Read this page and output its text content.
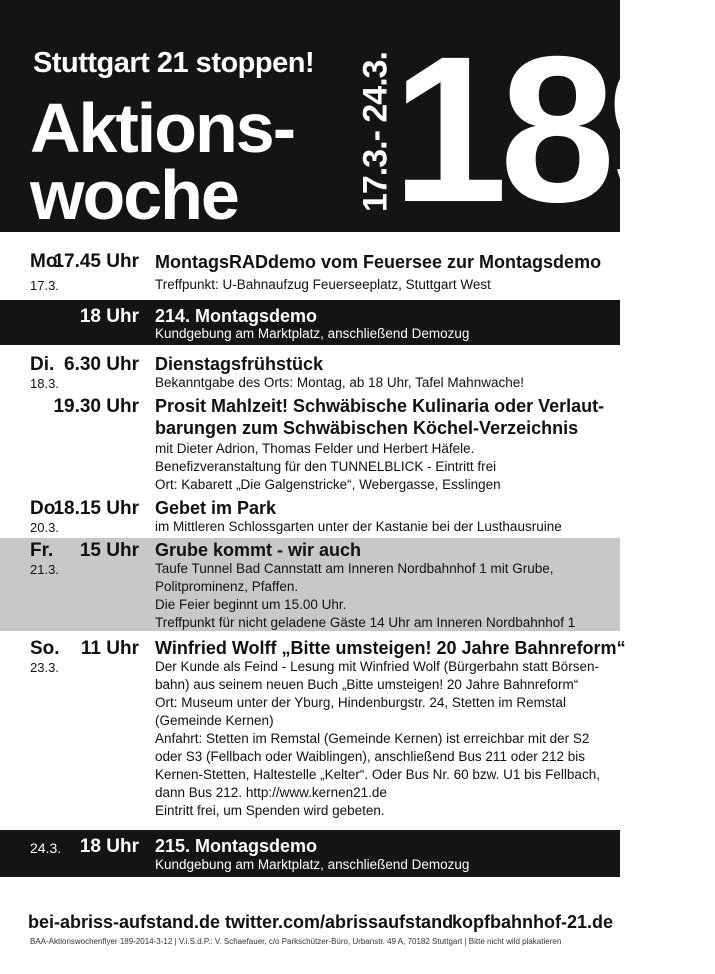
Stuttgart 21 stoppen!
Aktions-
woche	17.3.- 24.3.
189
Mo.
17.45 Uhr
17.3.
MontagsRADdemo vom Feuersee zur Montagsdemo
Treffpunkt: U-Bahnaufzug Feuerseeplatz, Stuttgart West
18 Uhr 214. Montagsdemo
Kundgebung am Marktplatz, anschließend Demozug
Di. 6.30 Uhr
18.3.
Dienstagsfrühstück
Bekanntgabe des Orts: Montag, ab 18 Uhr, Tafel Mahnwache!
19.30 Uhr Prosit Mahlzeit! Schwäbische Kulinaria oder Verlaut-
barungen zum Schwäbischen Köchel-Verzeichnis
mit Dieter Adrion, Thomas Felder und Herbert Häfele.
Benefizveranstaltung für den TUNNELBLICK - Eintritt frei
Ort: Kabarett „Die Galgenstricke“, Webergasse, Esslingen
Do.
18.15 Uhr
20.3.
Gebet im Park
im Mittleren Schlossgarten unter der Kastanie bei der Lusthausruine
Fr. 15 Uhr
21.3.
Grube kommt - wir auch
Taufe Tunnel Bad Cannstatt am Inneren Nordbahnhof 1 mit Grube,
Politprominenz, Pfaffen.
Die Feier beginnt um 15.00 Uhr.
Treffpunkt für nicht geladene Gäste 14 Uhr am Inneren Nordbahnhof 1
So. 11 Uhr
23.3.
Winfried Wolff „Bitte umsteigen! 20 Jahre Bahnreform“
Der Kunde als Feind - Lesung mit Winfried Wolf (Bürgerbahn statt Börsen-
bahn) aus seinem neuen Buch „Bitte umsteigen! 20 Jahre Bahnreform“
Ort: Museum unter der Yburg, Hindenburgstr. 24, Stetten im Remstal
(Gemeinde Kernen)
Anfahrt: Stetten im Remstal (Gemeinde Kernen) ist erreichbar mit der S2
oder S3 (Fellbach oder Waiblingen), anschließend Bus 211 oder 212 bis
Kernen-Stetten, Haltestelle „Kelter“. Oder Bus Nr. 60 bzw. U1 bis Fellbach,
dann Bus 212. http://www.kernen21.de
Eintritt frei, um Spenden wird gebeten.
24.3. 18 Uhr 215. Montagsdemo
Kundgebung am Marktplatz, anschließend Demozug
bei-abriss-aufstand.de twitter.com/abrissaufstand
kopfbahnhof-21.de
BAA-Aktionswochenflyer 189-2014-3-12 | V.i.S.d.P.: V. Schaefauer, c/o Parkschützer-Büro, Urbanstr. 49 A, 70182 Stuttgart | Bitte nicht wild plakatieren
